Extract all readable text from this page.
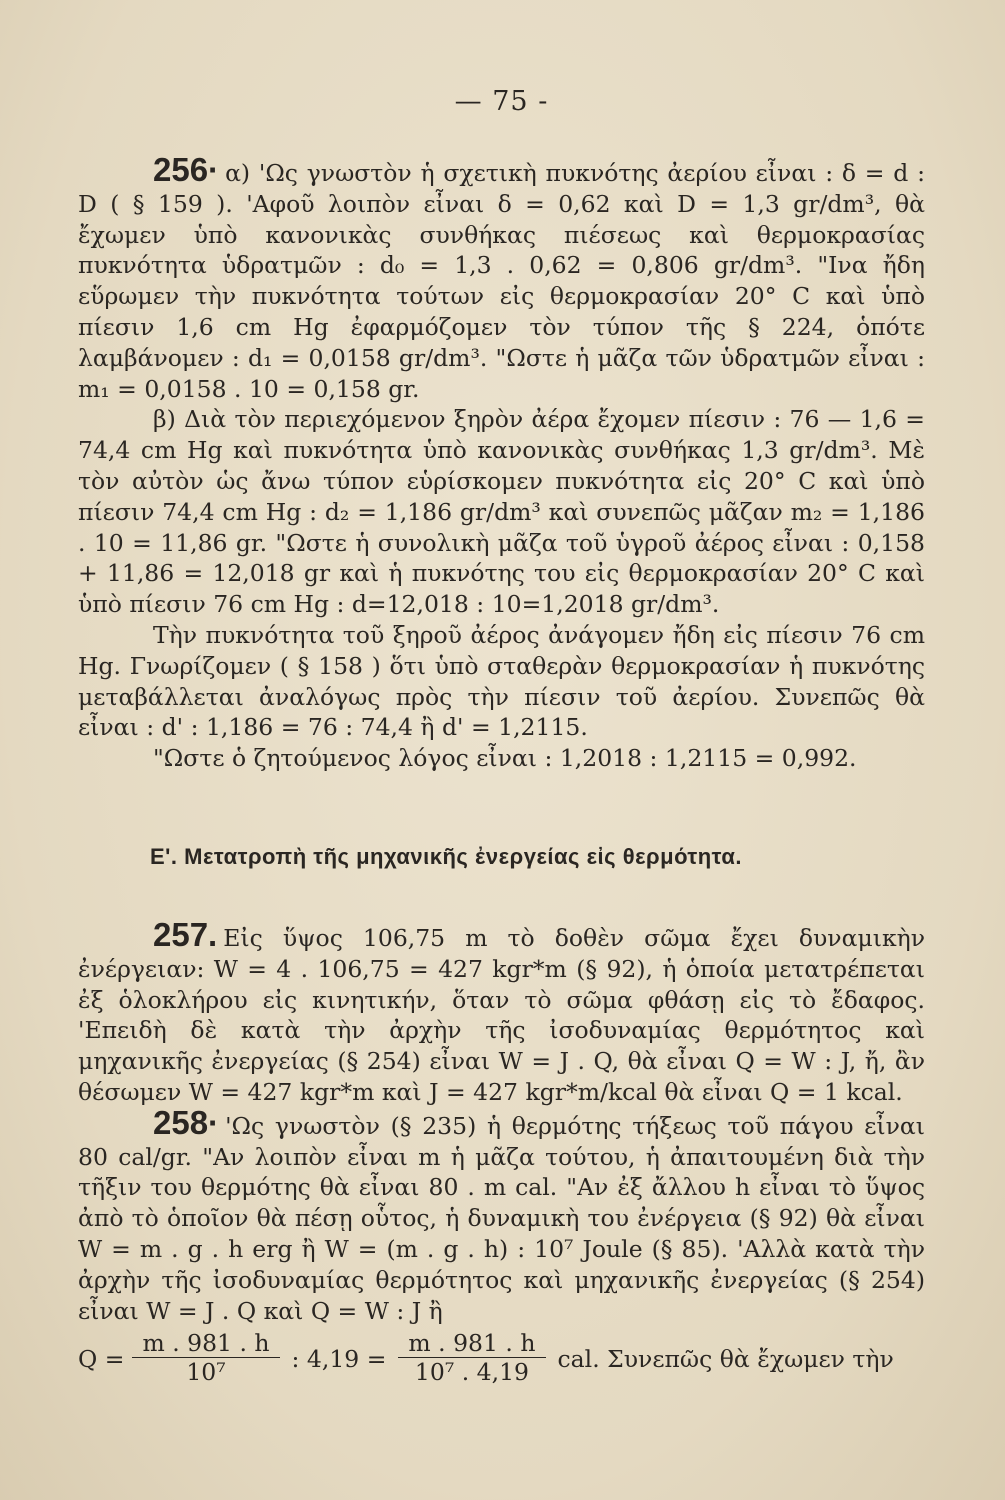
— 75 -

256· α) 'Ως γνωστὸν ἡ σχετικὴ πυκνότης ἀερίου εἶναι : δ = d : D ( § 159 ). 'Αφοῦ λοιπὸν εἶναι δ = 0,62 καὶ D = 1,3 gr/dm³, θὰ ἔχωμεν ὑπὸ κανονικὰς συνθήκας πιέσεως καὶ θερμοκρασίας πυκνότητα ὑδρατμῶν : d₀ = 1,3 . 0,62 = 0,806 gr/dm³. "Ινα ἤδη εὕρωμεν τὴν πυκνότητα τούτων εἰς θερμοκρασίαν 20° C καὶ ὑπὸ πίεσιν 1,6 cm Hg ἐφαρμόζομεν τὸν τύπον τῆς § 224, ὁπότε λαμβάνομεν : d₁ = 0,0158 gr/dm³. "Ωστε ἡ μᾶζα τῶν ὑδρατμῶν εἶναι : m₁ = 0,0158 . 10 = 0,158 gr.

β) Διὰ τὸν περιεχόμενον ξηρὸν ἀέρα ἔχομεν πίεσιν : 76 — 1,6 = 74,4 cm Hg καὶ πυκνότητα ὑπὸ κανονικὰς συνθήκας 1,3 gr/dm³. Μὲ τὸν αὐτὸν ὡς ἄνω τύπον εὑρίσκομεν πυκνότητα εἰς 20° C καὶ ὑπὸ πίεσιν 74,4 cm Hg : d₂ = 1,186 gr/dm³ καὶ συνεπῶς μᾶζαν m₂ = 1,186 . 10 = 11,86 gr. "Ωστε ἡ συνολικὴ μᾶζα τοῦ ὑγροῦ ἀέρος εἶναι : 0,158 + 11,86 = 12,018 gr καὶ ἡ πυκνότης του εἰς θερμοκρασίαν 20° C καὶ ὑπὸ πίεσιν 76 cm Hg : d=12,018 : 10=1,2018 gr/dm³.

Τὴν πυκνότητα τοῦ ξηροῦ ἀέρος ἀνάγομεν ἤδη εἰς πίεσιν 76 cm Hg. Γνωρίζομεν ( § 158 ) ὅτι ὑπὸ σταθερὰν θερμοκρασίαν ἡ πυκνότης μεταβάλλεται ἀναλόγως πρὸς τὴν πίεσιν τοῦ ἀερίου. Συνεπῶς θὰ εἶναι : d' : 1,186 = 76 : 74,4 ἢ d' = 1,2115.

"Ωστε ὁ ζητούμενος λόγος εἶναι : 1,2018 : 1,2115 = 0,992.

Ε'. Μετατροπὴ τῆς μηχανικῆς ἐνεργείας εἰς θερμότητα.

257. Εἰς ὕψος 106,75 m τὸ δοθὲν σῶμα ἔχει δυναμικὴν ἐνέργειαν: W = 4 . 106,75 = 427 kgr*m (§ 92), ἡ ὁποία μετατρέπεται ἐξ ὁλοκλήρου εἰς κινητικήν, ὅταν τὸ σῶμα φθάσῃ εἰς τὸ ἔδαφος. 'Επειδὴ δὲ κατὰ τὴν ἀρχὴν τῆς ἰσοδυναμίας θερμότητος καὶ μηχανικῆς ἐνεργείας (§ 254) εἶναι W = J . Q, θὰ εἶναι Q = W : J, ἤ, ἂν θέσωμεν W = 427 kgr*m καὶ J = 427 kgr*m/kcal θὰ εἶναι Q = 1 kcal.

258· 'Ως γνωστὸν (§ 235) ἡ θερμότης τήξεως τοῦ πάγου εἶναι 80 cal/gr. "Αν λοιπὸν εἶναι m ἡ μᾶζα τούτου, ἡ ἀπαιτουμένη διὰ τὴν τῆξιν του θερμότης θὰ εἶναι 80 . m cal. "Αν ἐξ ἄλλου h εἶναι τὸ ὕψος ἀπὸ τὸ ὁποῖον θὰ πέσῃ οὗτος, ἡ δυναμικὴ του ἐνέργεια (§ 92) θὰ εἶναι W = m . g . h erg ἢ W = (m . g . h) : 10⁷ Joule (§ 85). 'Αλλὰ κατὰ τὴν ἀρχὴν τῆς ἰσοδυναμίας θερμότητος καὶ μηχανικῆς ἐνεργείας (§ 254) εἶναι W = J . Q καὶ Q = W : J ἢ

$Q = \frac{m . 981 . h}{\text{10⁷}}$ : $4,19 = \frac{m . 981 . h}{\text{10⁷ . 4,19}}$ cal. Συνεπῶς θὰ ἔχωμεν τὴν
